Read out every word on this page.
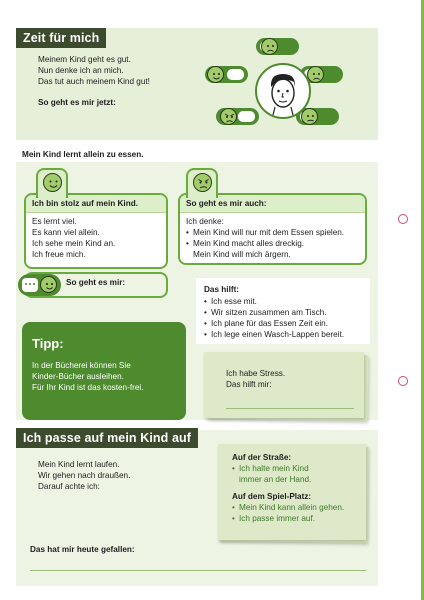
Zeit für mich
Meinem Kind geht es gut.
Nun denke ich an mich.
Das tut auch meinem Kind gut!
So geht es mir jetzt:
Mein Kind lernt allein zu essen.
Ich bin stolz auf mein Kind.
Es lernt viel.
Es kann viel allein.
Ich sehe mein Kind an.
Ich freue mich.
So geht es mir:
So geht es mir auch:
Ich denke:
• Mein Kind will nur mit dem Essen spielen.
• Mein Kind macht alles dreckig.
Mein Kind will mich ärgern.
Das hilft:
• Ich esse mit.
• Wir sitzen zusammen am Tisch.
• Ich plane für das Essen Zeit ein.
• Ich lege einen Wasch-Lappen bereit.
Tipp:
In der Bücherei können Sie
Kinder-Bücher ausleihen.
Für Ihr Kind ist das kosten-frei.
Ich habe Stress.
Das hilft mir:
Ich passe auf mein Kind auf
Mein Kind lernt laufen.
Wir gehen nach draußen.
Darauf achte ich:
Auf der Straße:
• Ich halte mein Kind
immer an der Hand.
Auf dem Spiel-Platz:
• Mein Kind kann allein gehen.
• Ich passe immer auf.
Das hat mir heute gefallen:
